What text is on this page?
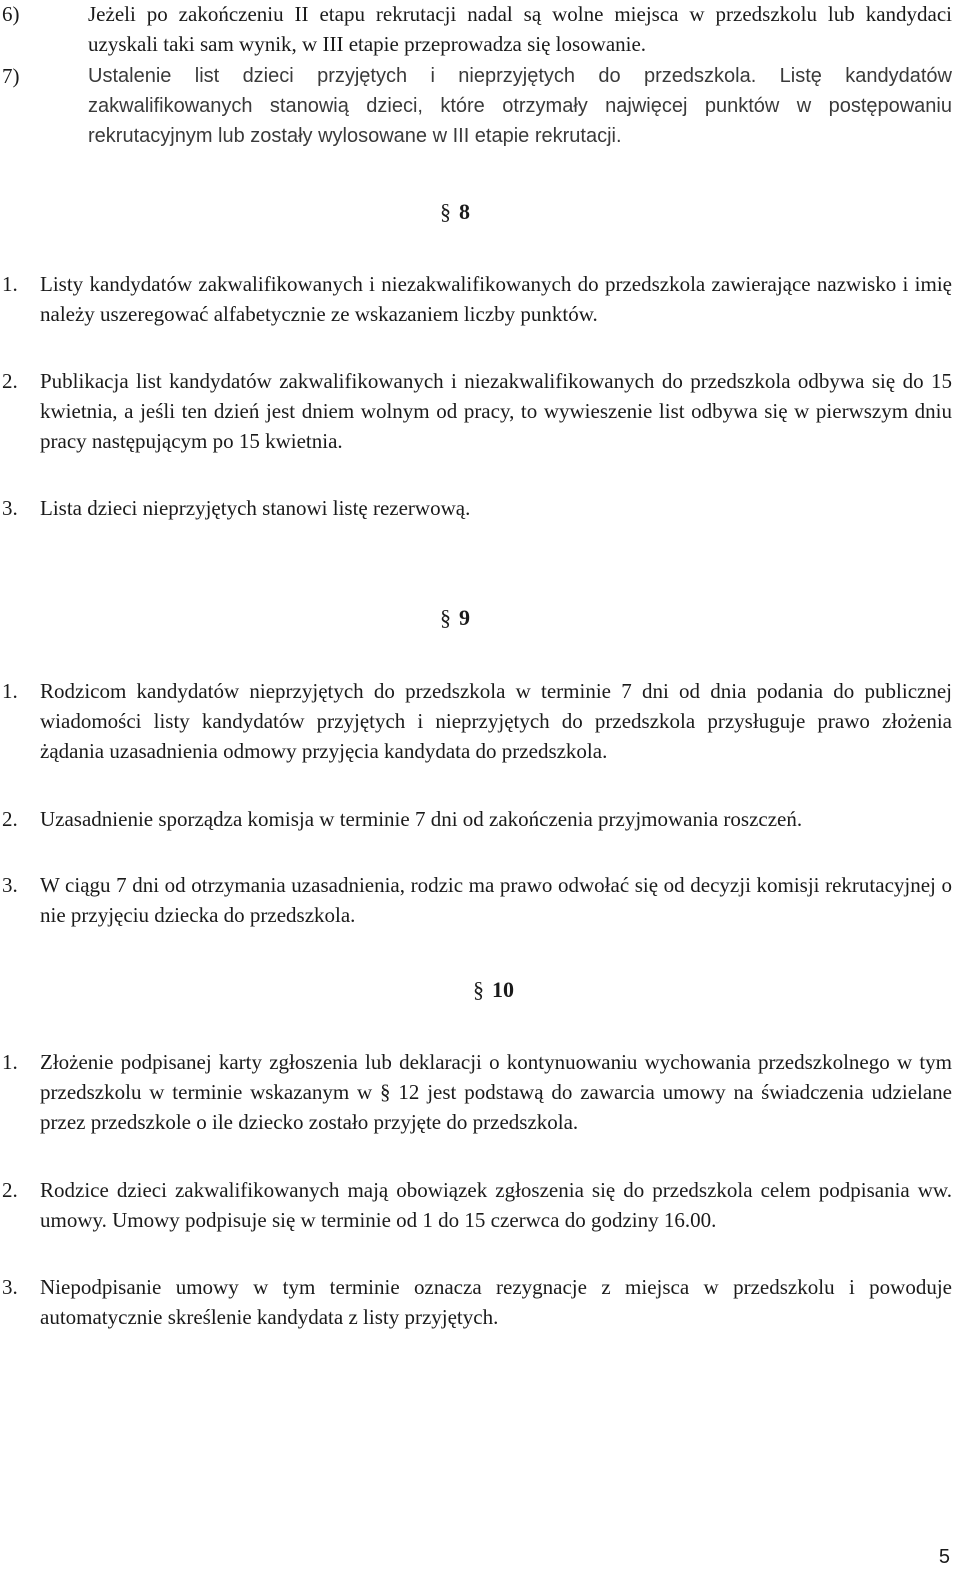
6)	Jeżeli po zakończeniu II etapu rekrutacji nadal są wolne miejsca w przedszkolu lub kandydaci uzyskali taki sam wynik, w III etapie przeprowadza się losowanie.

7)	Ustalenie list dzieci przyjętych i nieprzyjętych do przedszkola. Listę kandydatów zakwalifikowanych stanowią dzieci, które otrzymały najwięcej punktów w postępowaniu rekrutacyjnym lub zostały wylosowane w III etapie rekrutacji.

§ 8
1.	Listy kandydatów zakwalifikowanych i niezakwalifikowanych do przedszkola zawierające nazwisko i imię należy uszeregować alfabetycznie ze wskazaniem liczby punktów.

2.	Publikacja list kandydatów zakwalifikowanych i niezakwalifikowanych do przedszkola odbywa się do 15 kwietnia, a jeśli ten dzień jest dniem wolnym od pracy, to wywieszenie list odbywa się w pierwszym dniu pracy następującym po 15 kwietnia.

3.	Lista dzieci nieprzyjętych stanowi listę rezerwową.

§ 9
1.	Rodzicom kandydatów nieprzyjętych do przedszkola w terminie 7 dni od dnia podania do publicznej wiadomości listy kandydatów przyjętych i nieprzyjętych do przedszkola przysługuje prawo złożenia żądania uzasadnienia odmowy przyjęcia kandydata do przedszkola.

2.	Uzasadnienie sporządza komisja w terminie 7 dni od zakończenia przyjmowania roszczeń.

3.	W ciągu 7 dni od otrzymania uzasadnienia, rodzic ma prawo odwołać się od decyzji komisji rekrutacyjnej o nie przyjęciu dziecka do przedszkola.

§ 10
1.	Złożenie podpisanej karty zgłoszenia lub deklaracji o kontynuowaniu wychowania przedszkolnego w tym przedszkolu w terminie wskazanym w § 12 jest podstawą do zawarcia umowy na świadczenia udzielane przez przedszkole o ile dziecko zostało przyjęte do przedszkola.

2.	Rodzice dzieci zakwalifikowanych mają obowiązek zgłoszenia się do przedszkola celem podpisania ww. umowy. Umowy podpisuje się w terminie od 1 do 15 czerwca do godziny 16.00.

3.	Niepodpisanie umowy w tym terminie oznacza rezygnacje z miejsca w przedszkolu i powoduje automatycznie skreślenie kandydata z listy przyjętych.

5
